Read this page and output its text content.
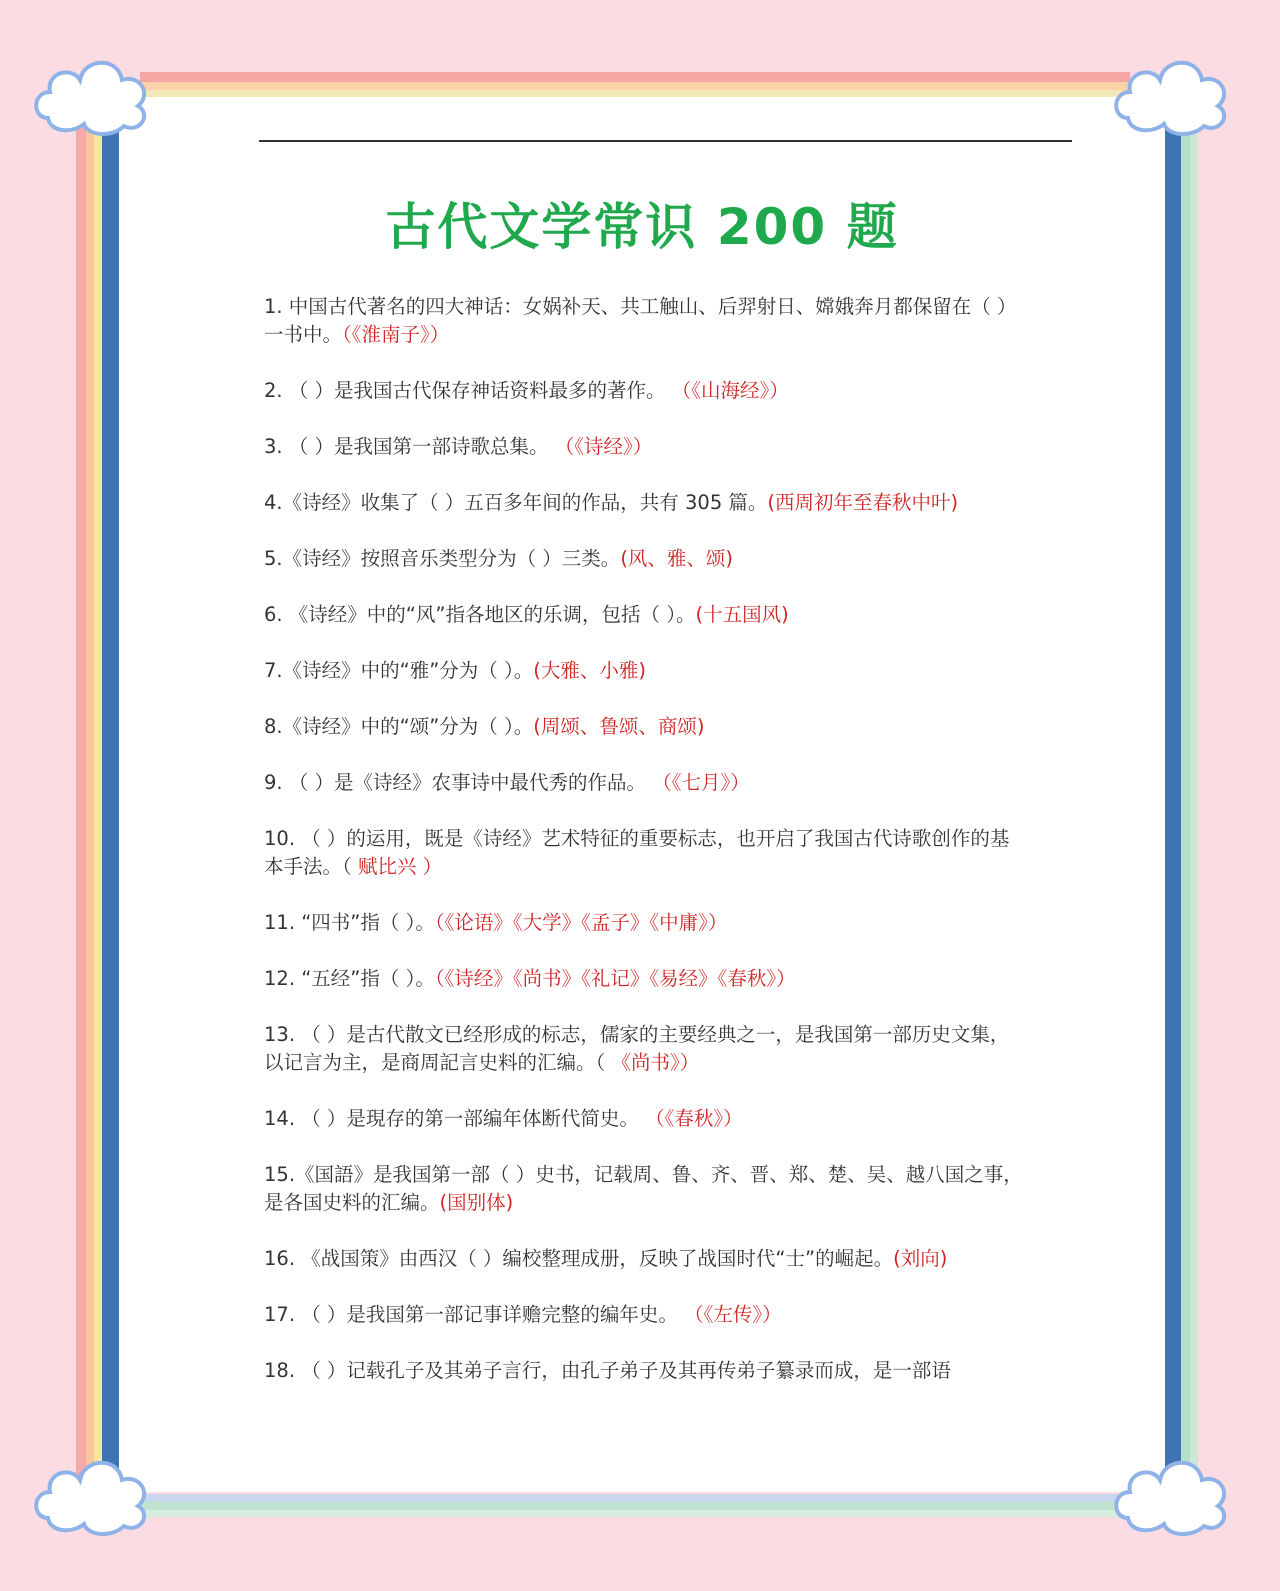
古代文学常识 200 题
1. 中国古代著名的四大神话：女娲补天、共工触山、后羿射日、嫦娥奔月都保留在（ ）一书中。（《淮南子》）
2. （ ）是我国古代保存神话资料最多的著作。 （《山海经》）
3. （ ）是我国第一部诗歌总集。 （《诗经》）
4.《诗经》收集了（ ）五百多年间的作品，共有 305 篇。(西周初年至春秋中叶)
5.《诗经》按照音乐类型分为（ ）三类。(风、雅、颂)
6. 《诗经》中的“风”指各地区的乐调，包括（ ）。(十五国风)
7.《诗经》中的“雅”分为（ ）。(大雅、小雅)
8.《诗经》中的“颂”分为（ ）。(周颂、鲁颂、商颂)
9. （ ）是《诗经》农事诗中最代秀的作品。 （《七月》）
10. （ ）的运用，既是《诗经》艺术特征的重要标志，也开启了我国古代诗歌创作的基本手法。（ 赋比兴 ）
11. “四书”指（ ）。（《论语》《大学》《孟子》《中庸》）
12. “五经”指（ ）。（《诗经》《尚书》《礼记》《易经》《春秋》）
13. （ ）是古代散文已经形成的标志，儒家的主要经典之一，是我国第一部历史文集，以记言为主，是商周記言史料的汇编。（ 《尚书》）
14. （ ）是現存的第一部编年体断代简史。 （《春秋》）
15.《国語》是我国第一部（ ）史书，记载周、鲁、齐、晋、郑、楚、吴、越八国之事，是各国史料的汇编。(国别体)
16. 《战国策》由西汉（ ）编校整理成册，反映了战国时代“士”的崛起。(刘向)
17. （ ）是我国第一部记事详赡完整的编年史。 （《左传》）
18. （ ）记载孔子及其弟子言行，由孔子弟子及其再传弟子纂录而成，是一部语
